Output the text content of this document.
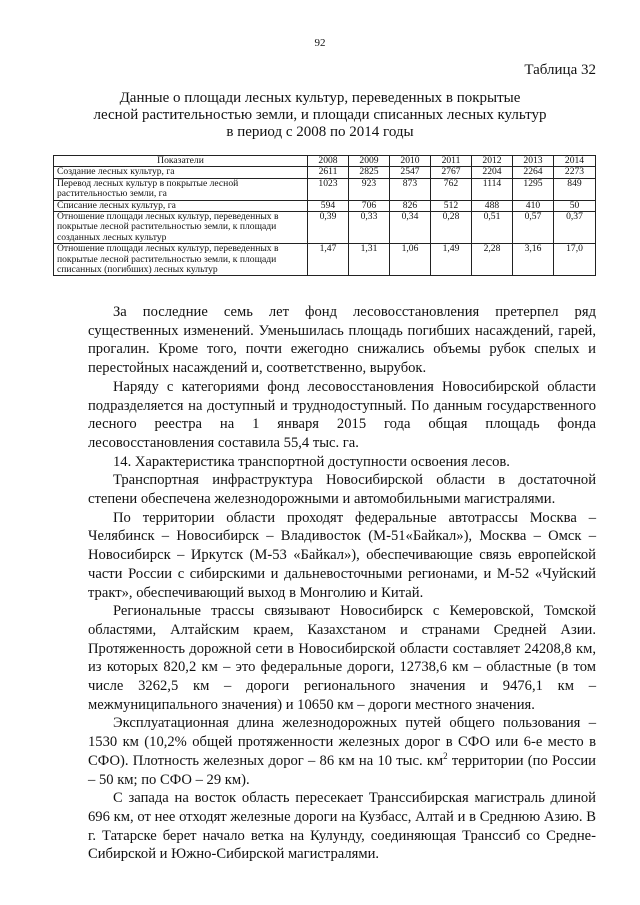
92
Таблица 32
Данные о площади лесных культур, переведенных в покрытые
лесной растительностью земли, и площади списанных лесных культур
в период с 2008 по 2014 годы
Показатели	2008	2009	2010	2011	2012	2013	2014
Создание лесных культур, га	2611	2825	2547	2767	2204	2264	2273
Перевод лесных культур в покрытые лесной растительностью земли, га	1023	923	873	762	1114	1295	849
Списание лесных культур, га	594	706	826	512	488	410	50
Отношение площади лесных культур, переведенных в покрытые лесной растительностью земли, к площади созданных лесных культур	0,39	0,33	0,34	0,28	0,51	0,57	0,37
Отношение площади лесных культур, переведенных в покрытые лесной растительностью земли, к площади списанных (погибших) лесных культур	1,47	1,31	1,06	1,49	2,28	3,16	17,0

За последние семь лет фонд лесовосстановления претерпел ряд существенных изменений. Уменьшилась площадь погибших насаждений, гарей, прогалин. Кроме того, почти ежегодно снижались объемы рубок спелых и перестойных насаждений и, соответственно, вырубок.

Наряду с категориями фонд лесовосстановления Новосибирской области подразделяется на доступный и труднодоступный. По данным государственного лесного реестра на 1 января 2015 года общая площадь фонда лесовосстановления составила 55,4 тыс. га.

14. Характеристика транспортной доступности освоения лесов.

Транспортная инфраструктура Новосибирской области в достаточной степени обеспечена железнодорожными и автомобильными магистралями.

По территории области проходят федеральные автотрассы Москва – Челябинск – Новосибирск – Владивосток (М-51«Байкал»), Москва – Омск – Новосибирск – Иркутск (М-53 «Байкал»), обеспечивающие связь европейской части России с сибирскими и дальневосточными регионами, и М-52 «Чуйский тракт», обеспечивающий выход в Монголию и Китай.

Региональные трассы связывают Новосибирск с Кемеровской, Томской областями, Алтайским краем, Казахстаном и странами Средней Азии. Протяженность дорожной сети в Новосибирской области составляет 24208,8 км, из которых 820,2 км – это федеральные дороги, 12738,6 км – областные (в том числе 3262,5 км – дороги регионального значения и 9476,1 км – межмуниципального значения) и 10650 км – дороги местного значения.

Эксплуатационная длина железнодорожных путей общего пользования – 1530 км (10,2% общей протяженности железных дорог в СФО или 6-е место в СФО). Плотность железных дорог – 86 км на 10 тыс. $км^2$ территории (по России – 50 км; по СФО – 29 км).

С запада на восток область пересекает Транссибирская магистраль длиной 696 км, от нее отходят железные дороги на Кузбасс, Алтай и в Среднюю Азию. В г. Татарске берет начало ветка на Кулунду, соединяющая Транссиб со Средне-Сибирской и Южно-Сибирской магистралями.
